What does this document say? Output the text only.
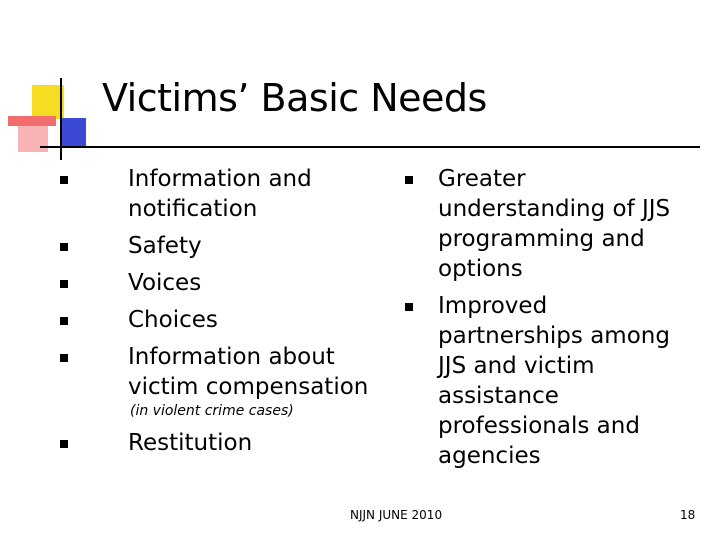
Victims’ Basic Needs
Information and
notification
Safety
Voices
Choices
Information about
victim compensation
(in violent crime cases)
Restitution
Greater
understanding of JJS
programming and
options
Improved
partnerships among
JJS and victim
assistance
professionals and
agencies
NJJN JUNE 2010	18
